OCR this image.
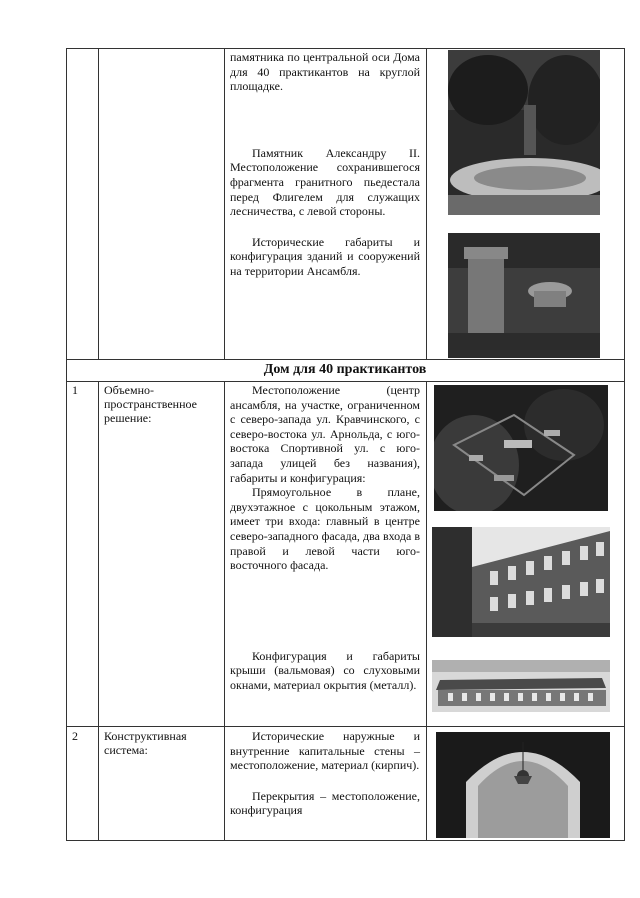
памятника по центральной оси Дома для 40 практикантов на круглой площадке.

Памятник Александру II. Местоположение сохранившегося фрагмента гранитного пьедестала перед Флигелем для служащих лесничества, с левой стороны.

Исторические габариты и конфигурация зданий и сооружений на территории Ансамбля.

Дом для 40 практикантов
1 Объемно-пространственное решение:

Местоположение (центр ансамбля, на участке, ограниченном с северо-запада ул. Кравчинского, с северо-востока ул. Арнольда, с юго-востока Спортивной ул. с юго-запада улицей без названия), габариты и конфигурация:

Прямоугольное в плане, двухэтажное с цокольным этажом, имеет три входа: главный в центре северо-западного фасада, два входа в правой и левой части юго-восточного фасада.

Конфигурация и габариты крыши (вальмовая) со слуховыми окнами, материал окрытия (металл).

2 Конструктивная система:

Исторические наружные и внутренние капитальные стены – местоположение, материал (кирпич).

Перекрытия – местоположение, конфигурация
